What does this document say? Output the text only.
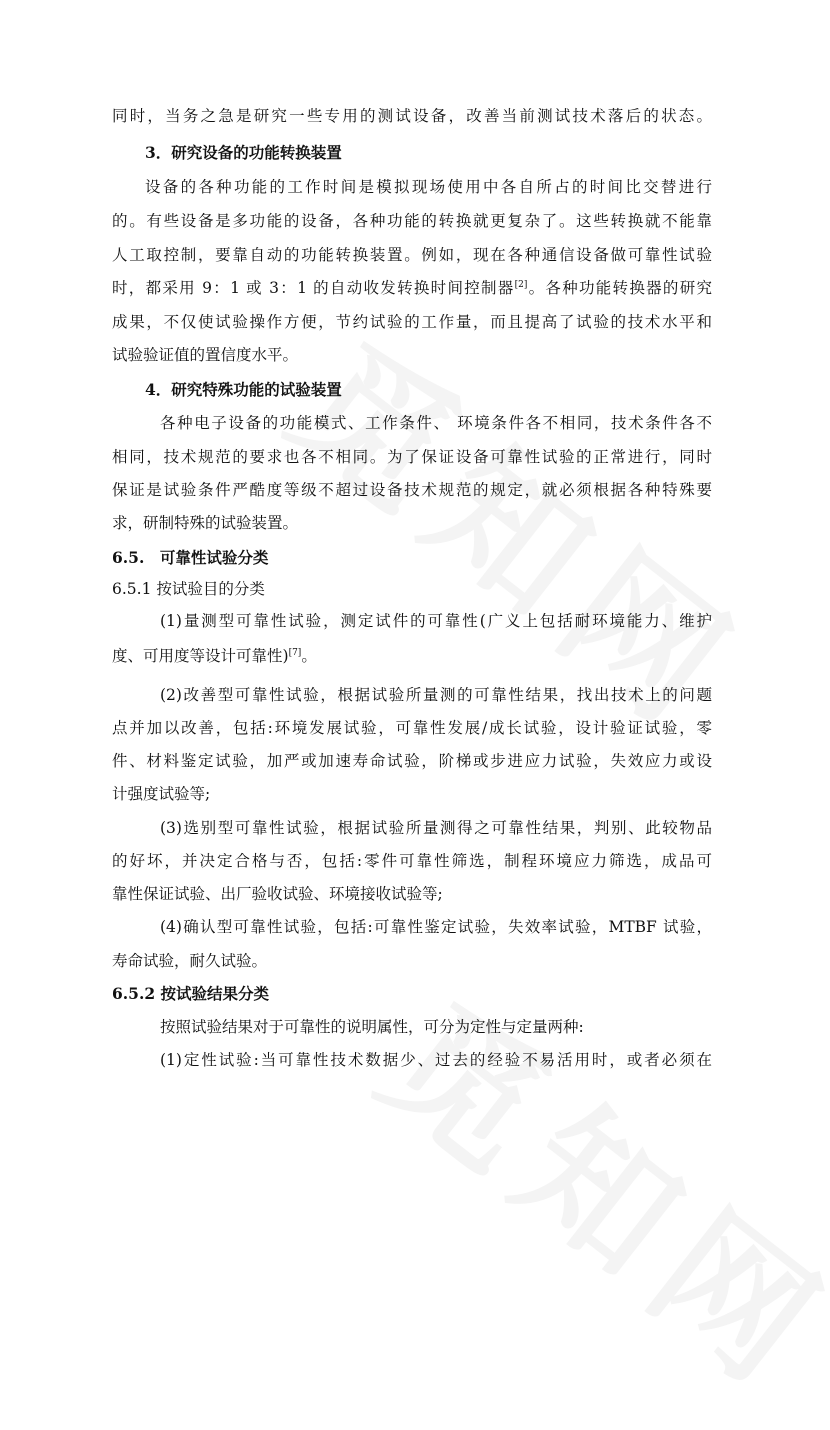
同时，当务之急是研究一些专用的测试设备，改善当前测试技术落后的状态。
3．研究设备的功能转换装置
设备的各种功能的工作时间是模拟现场使用中各自所占的时间比交替进行
的。有些设备是多功能的设备，各种功能的转换就更复杂了。这些转换就不能靠
人工取控制，要靠自动的功能转换装置。例如，现在各种通信设备做可靠性试验
时，都采用 9：1 或 3：1 的自动收发转换时间控制器[2]。各种功能转换器的研究
成果，不仅使试验操作方便，节约试验的工作量，而且提高了试验的技术水平和
试验验证值的置信度水平。
4．研究特殊功能的试验装置
各种电子设备的功能模式、工作条件、 环境条件各不相同，技术条件各不
相同，技术规范的要求也各不相同。为了保证设备可靠性试验的正常进行，同时
保证是试验条件严酷度等级不超过设备技术规范的规定，就必须根据各种特殊要
求，研制特殊的试验装置。
6.5.　可靠性试验分类
6.5.1 按试验目的分类
(1)量测型可靠性试验，测定试件的可靠性(广义上包括耐环境能力、维护
度、可用度等设计可靠性)[7]。
(2)改善型可靠性试验，根据试验所量测的可靠性结果，找出技术上的问题
点并加以改善，包括:环境发展试验，可靠性发展/成长试验，设计验证试验，零
件、材料鉴定试验，加严或加速寿命试验，阶梯或步进应力试验，失效应力或设
计强度试验等;
(3)选别型可靠性试验，根据试验所量测得之可靠性结果，判别、此较物品
的好坏，并决定合格与否，包括:零件可靠性筛选，制程环境应力筛选，成品可
靠性保证试验、出厂验收试验、环境接收试验等;
(4)确认型可靠性试验，包括:可靠性鉴定试验，失效率试验，MTBF 试验，
寿命试验，耐久试验。
6.5.2 按试验结果分类
按照试验结果对于可靠性的说明属性，可分为定性与定量两种:
(1)定性试验:当可靠性技术数据少、过去的经验不易活用时，或者必须在
